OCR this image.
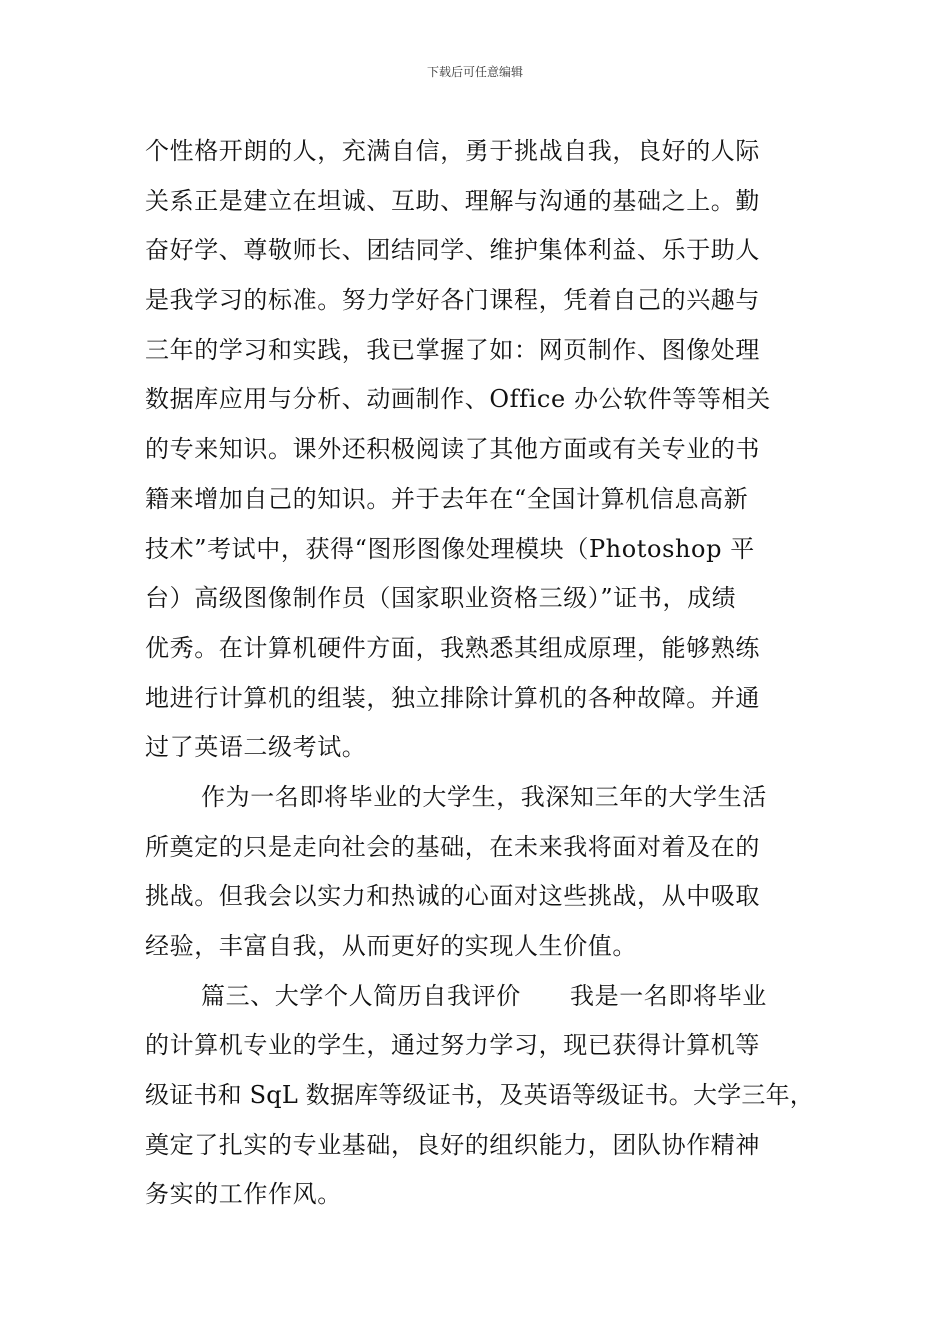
下载后可任意编辑
个性格开朗的人，充满自信，勇于挑战自我，良好的人际
关系正是建立在坦诚、互助、理解与沟通的基础之上。勤
奋好学、尊敬师长、团结同学、维护集体利益、乐于助人
是我学习的标准。努力学好各门课程，凭着自己的兴趣与
三年的学习和实践，我已掌握了如：网页制作、图像处理
数据库应用与分析、动画制作、Office 办公软件等等相关
的专来知识。课外还积极阅读了其他方面或有关专业的书
籍来增加自己的知识。并于去年在“全国计算机信息高新
技术”考试中，获得“图形图像处理模块（Photoshop 平
台）高级图像制作员（国家职业资格三级）”证书，成绩
优秀。在计算机硬件方面，我熟悉其组成原理，能够熟练
地进行计算机的组装，独立排除计算机的各种故障。并通
过了英语二级考试。
作为一名即将毕业的大学生，我深知三年的大学生活
所奠定的只是走向社会的基础，在未来我将面对着及在的
挑战。但我会以实力和热诚的心面对这些挑战，从中吸取
经验，丰富自我，从而更好的实现人生价值。
篇三、大学个人简历自我评价　　我是一名即将毕业
的计算机专业的学生，通过努力学习，现已获得计算机等
级证书和 SqL 数据库等级证书，及英语等级证书。大学三年，
奠定了扎实的专业基础，良好的组织能力，团队协作精神
务实的工作作风。
